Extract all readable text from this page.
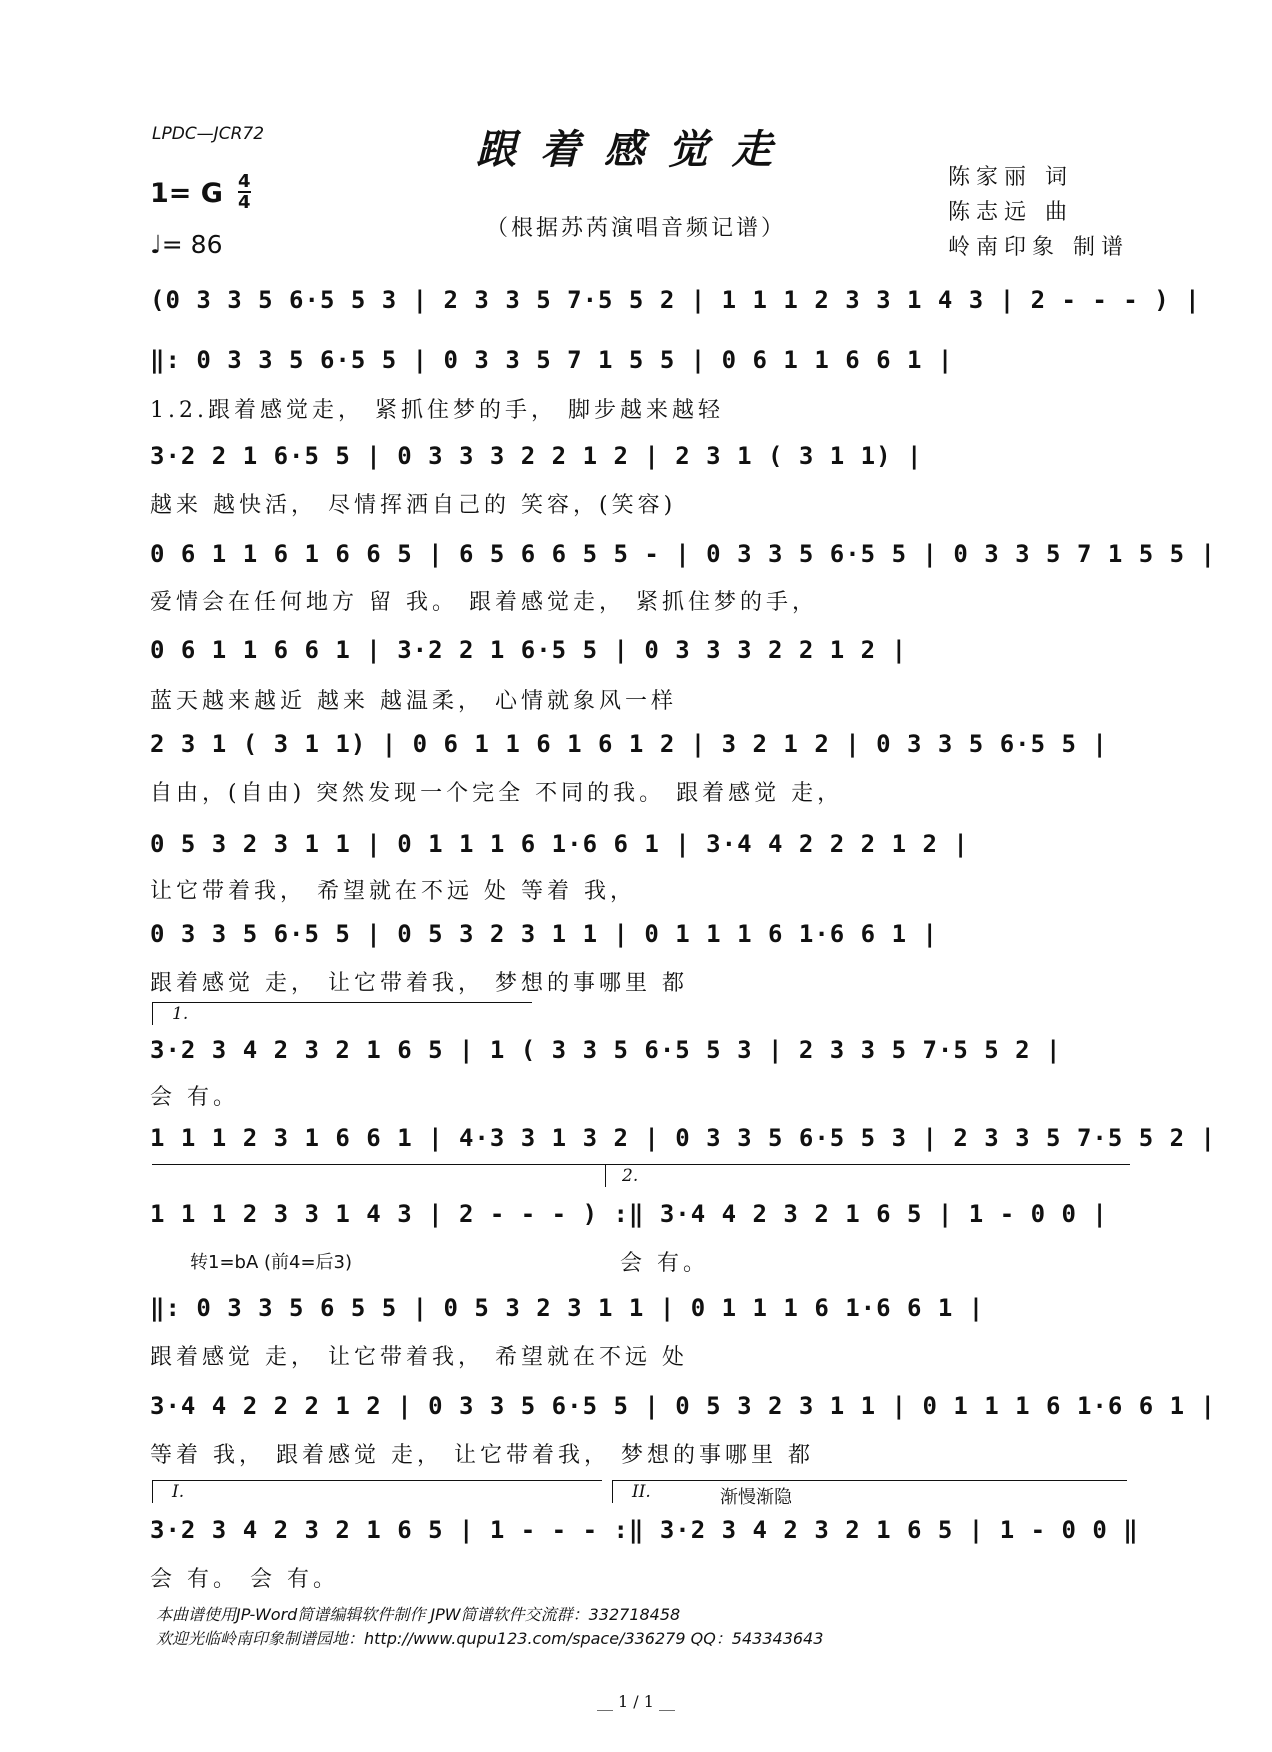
LPDC—JCR72	跟着感觉走
（根据苏芮演唱音频记谱）
1= G 4
4
♩= 86
陈家丽 词
陈志远 曲
岭南印象 制谱
(0 3 3 5 6·5 5 3 | 2 3 3 5 7·5 5 2 | 1 1 1 2 3 3 1 4 3 | 2 - - - ) |
‖: 0 3 3 5 6·5 5 | 0 3 3 5 7 1 5 5 | 0 6 1 1 6 6 1 |
1.2.跟着感觉走， 紧抓住梦的手， 脚步越来越轻
3·2 2 1 6·5 5 | 0 3 3 3 2 2 1 2 | 2 3 1 ( 3 1 1) |
越来 越快活， 尽情挥洒自己的 笑容，(笑容)
0 6 1 1 6 1 6 6 5 | 6 5 6 6 5 5 - | 0 3 3 5 6·5 5 | 0 3 3 5 7 1 5 5 |
爱情会在任何地方 留 我。 跟着感觉走， 紧抓住梦的手，
0 6 1 1 6 6 1 | 3·2 2 1 6·5 5 | 0 3 3 3 2 2 1 2 |
蓝天越来越近 越来 越温柔， 心情就象风一样
2 3 1 ( 3 1 1) | 0 6 1 1 6 1 6 1 2 | 3 2 1 2 | 0 3 3 5 6·5 5 |
自由，(自由) 突然发现一个完全 不同的我。 跟着感觉 走，
0 5 3 2 3 1 1 | 0 1 1 1 6 1·6 6 1 | 3·4 4 2 2 2 1 2 |
让它带着我， 希望就在不远 处 等着 我，
0 3 3 5 6·5 5 | 0 5 3 2 3 1 1 | 0 1 1 1 6 1·6 6 1 |
跟着感觉 走， 让它带着我， 梦想的事哪里 都
1.
3·2 3 4 2 3 2 1 6 5 | 1 ( 3 3 5 6·5 5 3 | 2 3 3 5 7·5 5 2 |
会 有。
1 1 1 2 3 1 6 6 1 | 4·3 3 1 3 2 | 0 3 3 5 6·5 5 3 | 2 3 3 5 7·5 5 2 |
2.
1 1 1 2 3 3 1 4 3 | 2 - - - ) :‖ 3·4 4 2 3 2 1 6 5 | 1 - 0 0 |
会 有。
转1=bA (前4=后3)
‖: 0 3 3 5 6 5 5 | 0 5 3 2 3 1 1 | 0 1 1 1 6 1·6 6 1 |
跟着感觉 走， 让它带着我， 希望就在不远 处
3·4 4 2 2 2 1 2 | 0 3 3 5 6·5 5 | 0 5 3 2 3 1 1 | 0 1 1 1 6 1·6 6 1 |
等着 我， 跟着感觉 走， 让它带着我， 梦想的事哪里 都
I.	II.	渐慢渐隐
3·2 3 4 2 3 2 1 6 5 | 1 - - - :‖ 3·2 3 4 2 3 2 1 6 5 | 1 - 0 0 ‖
会 有。 会 有。
本曲谱使用JP-Word简谱编辑软件制作 JPW简谱软件交流群：332718458
欢迎光临岭南印象制谱园地：http://www.qupu123.com/space/336279 QQ：543343643
__ 1 / 1 __
